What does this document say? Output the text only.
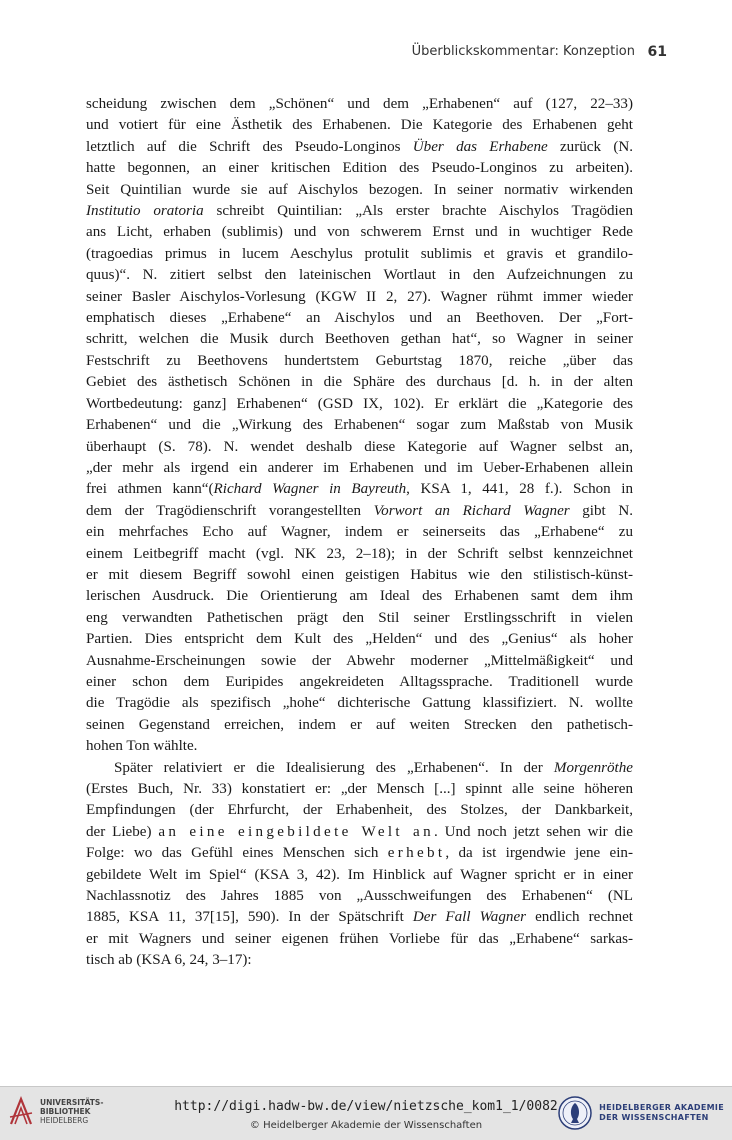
Überblickskommentar: Konzeption 61
scheidung zwischen dem „Schönen“ und dem „Erhabenen“ auf (127, 22–33)
und votiert für eine Ästhetik des Erhabenen. Die Kategorie des Erhabenen geht
letztlich auf die Schrift des Pseudo-Longinos Über das Erhabene zurück (N.
hatte begonnen, an einer kritischen Edition des Pseudo-Longinos zu arbeiten).
Seit Quintilian wurde sie auf Aischylos bezogen. In seiner normativ wirkenden
Institutio oratoria schreibt Quintilian: „Als erster brachte Aischylos Tragödien
ans Licht, erhaben (sublimis) und von schwerem Ernst und in wuchtiger Rede
(tragoedias primus in lucem Aeschylus protulit sublimis et gravis et grandilo-
quus)“. N. zitiert selbst den lateinischen Wortlaut in den Aufzeichnungen zu
seiner Basler Aischylos-Vorlesung (KGW II 2, 27). Wagner rühmt immer wieder
emphatisch dieses „Erhabene“ an Aischylos und an Beethoven. Der „Fort-
schritt, welchen die Musik durch Beethoven gethan hat“, so Wagner in seiner
Festschrift zu Beethovens hundertstem Geburtstag 1870, reiche „über das
Gebiet des ästhetisch Schönen in die Sphäre des durchaus [d. h. in der alten
Wortbedeutung: ganz] Erhabenen“ (GSD IX, 102). Er erklärt die „Kategorie des
Erhabenen“ und die „Wirkung des Erhabenen“ sogar zum Maßstab von Musik
überhaupt (S. 78). N. wendet deshalb diese Kategorie auf Wagner selbst an,
„der mehr als irgend ein anderer im Erhabenen und im Ueber-Erhabenen allein
frei athmen kann“(Richard Wagner in Bayreuth, KSA 1, 441, 28 f.). Schon in
dem der Tragödienschrift vorangestellten Vorwort an Richard Wagner gibt N.
ein mehrfaches Echo auf Wagner, indem er seinerseits das „Erhabene“ zu
einem Leitbegriff macht (vgl. NK 23, 2–18); in der Schrift selbst kennzeichnet
er mit diesem Begriff sowohl einen geistigen Habitus wie den stilistisch-künst-
lerischen Ausdruck. Die Orientierung am Ideal des Erhabenen samt dem ihm
eng verwandten Pathetischen prägt den Stil seiner Erstlingsschrift in vielen
Partien. Dies entspricht dem Kult des „Helden“ und des „Genius“ als hoher
Ausnahme-Erscheinungen sowie der Abwehr moderner „Mittelmäßigkeit“ und
einer schon dem Euripides angekreideten Alltagssprache. Traditionell wurde
die Tragödie als spezifisch „hohe“ dichterische Gattung klassifiziert. N. wollte
seinen Gegenstand erreichen, indem er auf weiten Strecken den pathetisch-
hohen Ton wählte.
Später relativiert er die Idealisierung des „Erhabenen“. In der Morgenröthe
(Erstes Buch, Nr. 33) konstatiert er: „der Mensch [...] spinnt alle seine höheren
Empfindungen (der Ehrfurcht, der Erhabenheit, des Stolzes, der Dankbarkeit,
der Liebe) an eine eingebildete Welt an. Und noch jetzt sehen wir die
Folge: wo das Gefühl eines Menschen sich erhebt, da ist irgendwie jene ein-
gebildete Welt im Spiel“ (KSA 3, 42). Im Hinblick auf Wagner spricht er in einer
Nachlassnotiz des Jahres 1885 von „Ausschweifungen des Erhabenen“ (NL
1885, KSA 11, 37[15], 590). In der Spätschrift Der Fall Wagner endlich rechnet
er mit Wagners und seiner eigenen frühen Vorliebe für das „Erhabene“ sarkas-
tisch ab (KSA 6, 24, 3–17):
UNIVERSITÄTS-
BIBLIOTHEK
HEIDELBERG
http://digi.hadw-bw.de/view/nietzsche_kom1_1/0082
© Heidelberger Akademie der Wissenschaften
HEIDELBERGER AKADEMIE
DER WISSENSCHAFTEN
